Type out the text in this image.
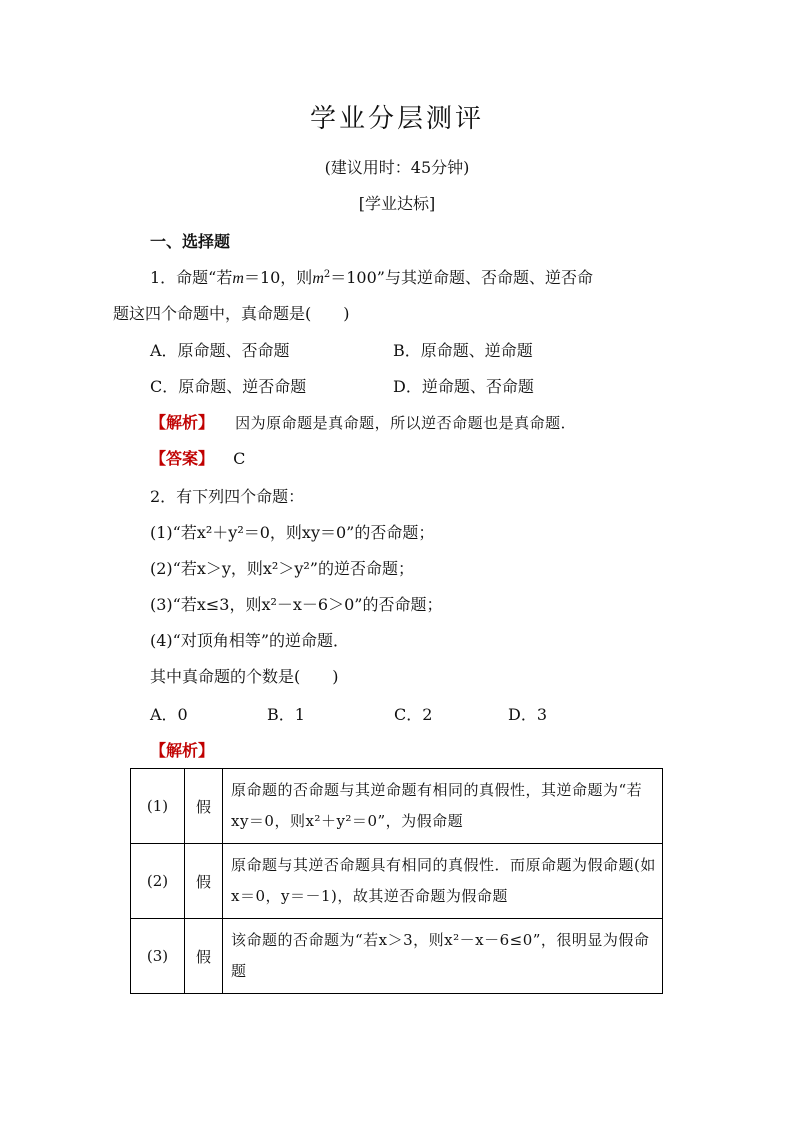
学业分层测评
(建议用时：45分钟)
[学业达标]
一、选择题
1．命题“若m＝10，则$m^2=100$”与其逆命题、否命题、逆否命
题这四个命题中，真命题是(　　)
A．原命题、否命题	B．原命题、逆命题
C．原命题、逆否命题	D．逆命题、否命题
【解析】 因为原命题是真命题，所以逆否命题也是真命题．
【答案】 C
2．有下列四个命题：
(1)“若x²＋y²＝0，则xy＝0”的否命题；
(2)“若x＞y，则x²＞y²”的逆否命题；
(3)“若x≤3，则x²－x－6＞0”的否命题；
(4)“对顶角相等”的逆命题．
其中真命题的个数是(　　)
A．0	B．1	C．2	D．3
【解析】
(1)	假	原命题的否命题与其逆命题有相同的真假性，其逆命题为“若xy＝0，则x²＋y²＝0”，为假命题
(2)	假	原命题与其逆否命题具有相同的真假性．而原命题为假命题(如x＝0，y＝－1)，故其逆否命题为假命题
(3)	假	该命题的否命题为“若x＞3，则x²－x－6≤0”，很明显为假命题
